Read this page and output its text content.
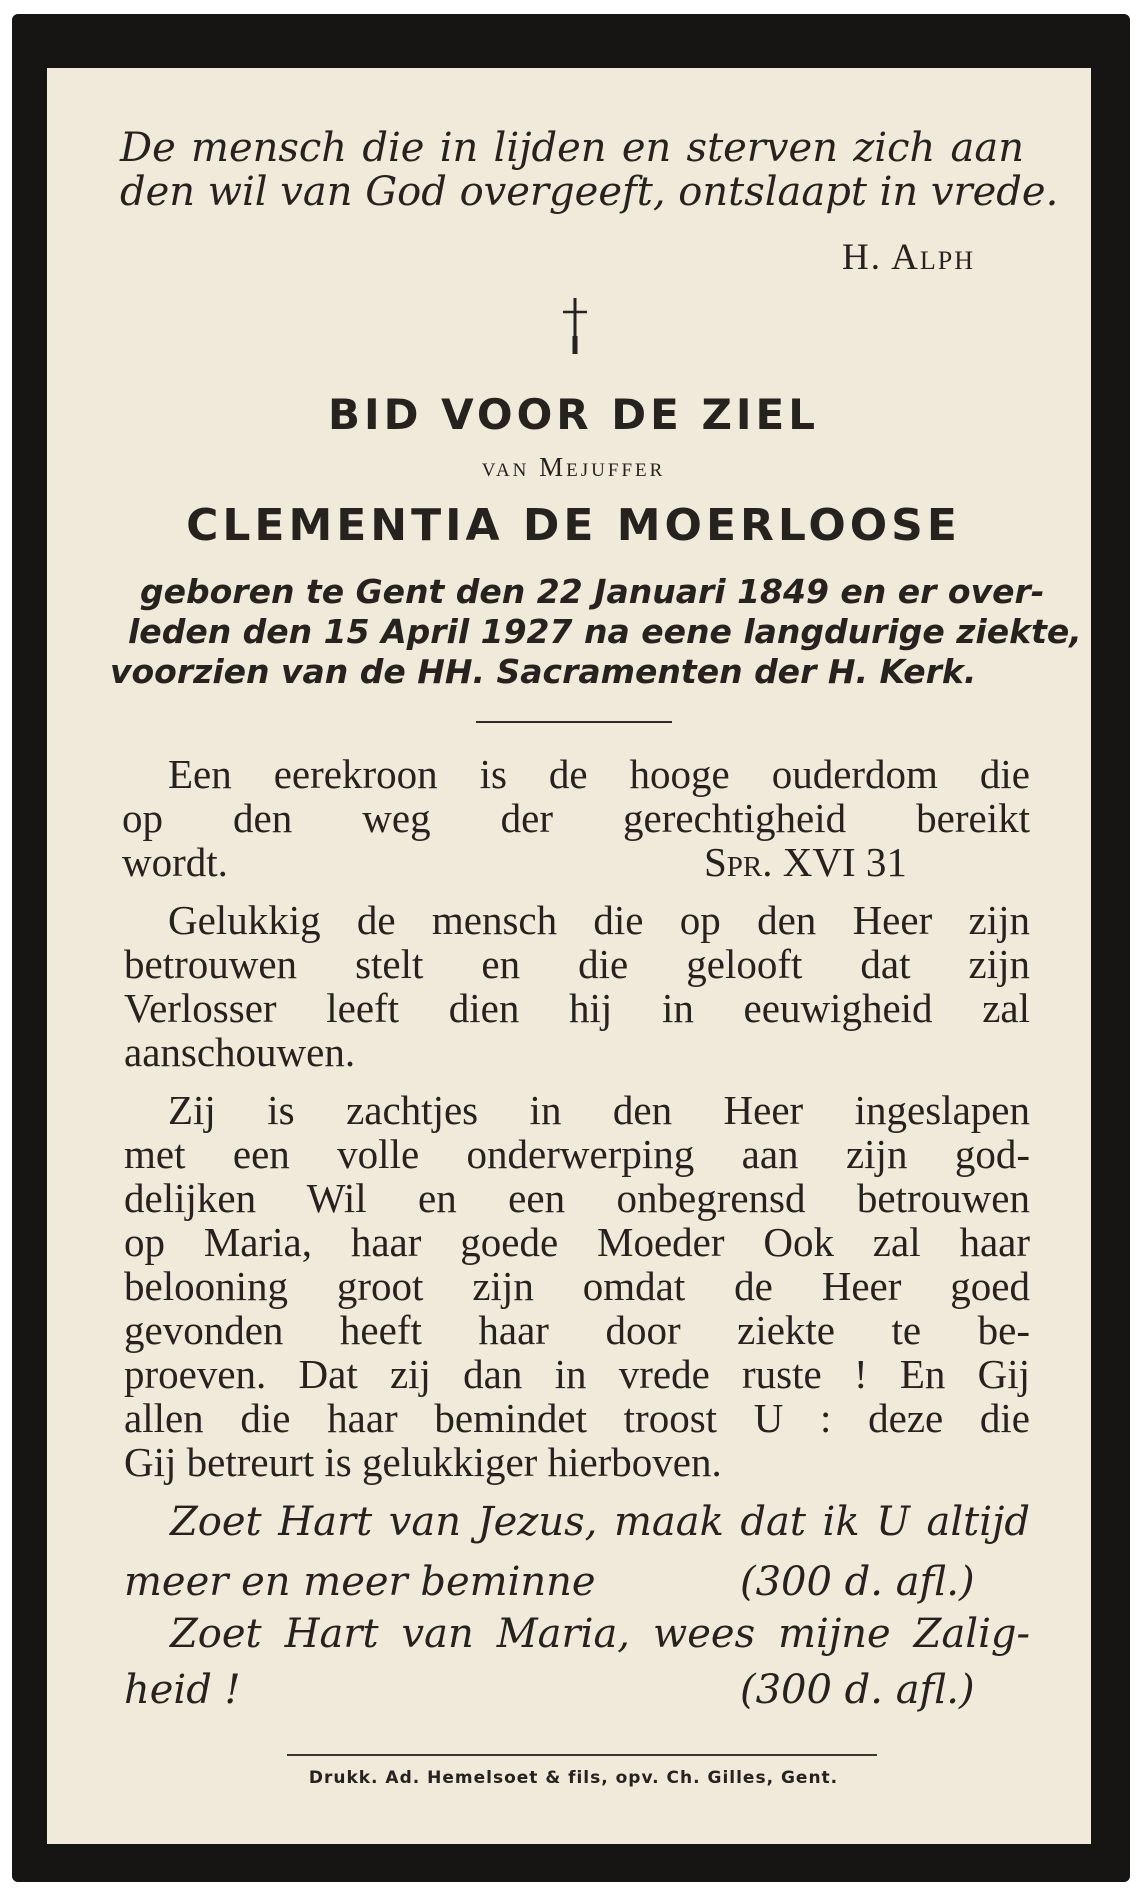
De mensch die in lijden en sterven zich aan
den wil van God overgeeft, ontslaapt in vrede.
H. Alph
BID VOOR DE ZIEL
van Mejuffer
CLEMENTIA DE MOERLOOSE
geboren te Gent den 22 Januari 1849 en er over-
leden den 15 April 1927 na eene langdurige ziekte,
voorzien van de HH. Sacramenten der H. Kerk.
Een eerekroon is de hooge ouderdom die
op den weg der gerechtigheid bereikt
wordt.	Spr. XVI 31
Gelukkig de mensch die op den Heer zijn
betrouwen stelt en die gelooft dat zijn
Verlosser leeft dien hij in eeuwigheid zal
aanschouwen.
Zij is zachtjes in den Heer ingeslapen
met een volle onderwerping aan zijn god-
delijken Wil en een onbegrensd betrouwen
op Maria, haar goede Moeder Ook zal haar
belooning groot zijn omdat de Heer goed
gevonden heeft haar door ziekte te be-
proeven. Dat zij dan in vrede ruste ! En Gij
allen die haar bemindet troost U : deze die
Gij betreurt is gelukkiger hierboven.
Zoet Hart van Jezus, maak dat ik U altijd
meer en meer beminne	(300 d. afl.)
Zoet Hart van Maria, wees mijne Zalig-
heid !	(300 d. afl.)
Drukk. Ad. Hemelsoet & fils, opv. Ch. Gilles, Gent.
